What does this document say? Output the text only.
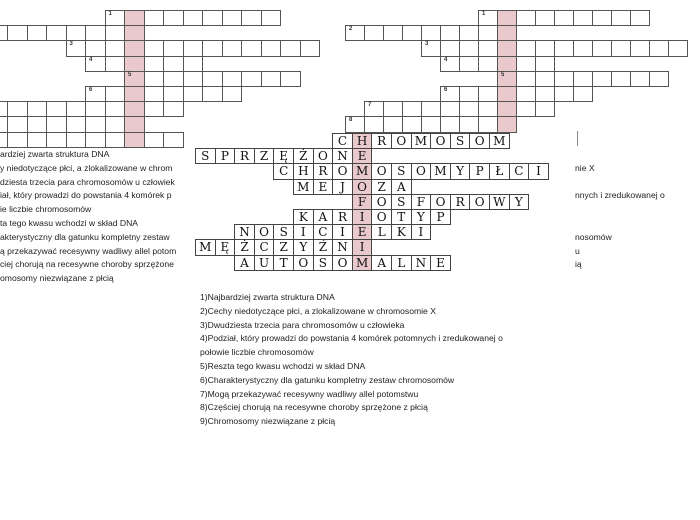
1
3
4
5
6
1
2
3
4
5
6
7
8
ardziej zwarta struktura DNA
y niedotyczące płci, a zlokalizowane w chrom
dziesta trzecia para chromosomów u człowiek
iał, który prowadzi do powstania 4 komórek p
ie liczbie chromosomów
ta tego kwasu wchodzi w skład DNA
akterystyczny dla gatunku kompletny zestaw
ą przekazywać recesywny wadliwy allel potom
ciej chorują na recesywne choroby sprzężone
omosomy niezwiązane z płcią

nie X

nnych i zredukowanej o

nosomów
u
ią

C H R O M O S O M
S P R Z Ę Ż O N E
C H R O M O S O M Y P Ł C	I
M E	J	O Z A
F O S F O R O W Y
K A R	I	O T Y P
N O S	I	C	I	E L K	I
M Ę Ż C Z Y Ź N I
A U T O S O M A L N E
1)Najbardziej zwarta struktura DNA
2)Cechy niedotyczące płci, a zlokalizowane w chromosomie X
3)Dwudziesta trzecia para chromosomów u człowieka
4)Podział, który prowadzi do powstania 4 komórek potomnych i zredukowanej o
połowie liczbie chromosomów
5)Reszta tego kwasu wchodzi w skład DNA
6)Charakterystyczny dla gatunku kompletny zestaw chromosomów
7)Mogą przekazywać recesywny wadliwy allel potomstwu
8)Częściej chorują na recesywne choroby sprzężone z płcią
9)Chromosomy niezwiązane z płcią
